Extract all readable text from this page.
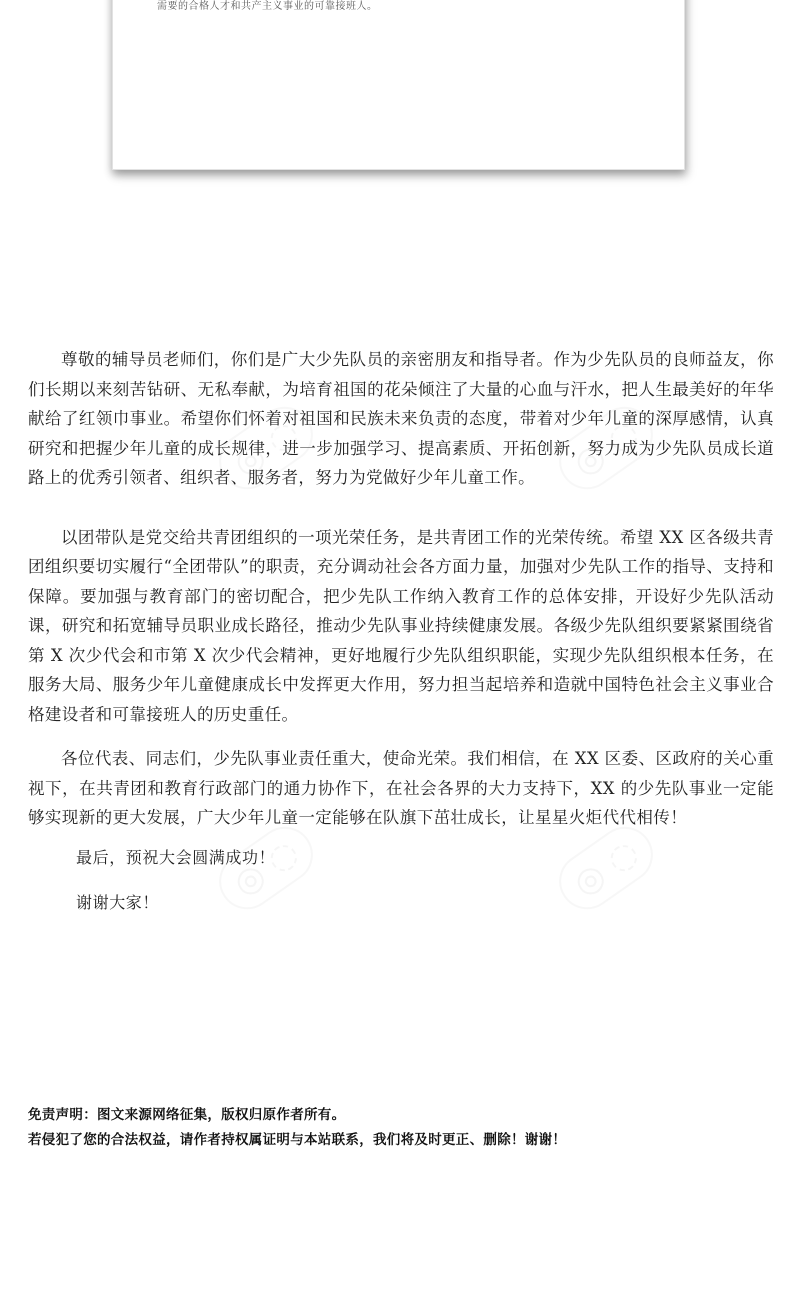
需要的合格人才和共产主义事业的可靠接班人。
◎ ◌	◎ ◌
◎ ◌	◎ ◌

尊敬的辅导员老师们，你们是广大少先队员的亲密朋友和指导者。作为少先队员的良师益友，你们长期以来刻苦钻研、无私奉献，为培育祖国的花朵倾注了大量的心血与汗水，把人生最美好的年华献给了红领巾事业。希望你们怀着对祖国和民族未来负责的态度，带着对少年儿童的深厚感情，认真研究和把握少年儿童的成长规律，进一步加强学习、提高素质、开拓创新，努力成为少先队员成长道路上的优秀引领者、组织者、服务者，努力为党做好少年儿童工作。

以团带队是党交给共青团组织的一项光荣任务，是共青团工作的光荣传统。希望 XX 区各级共青团组织要切实履行“全团带队”的职责，充分调动社会各方面力量，加强对少先队工作的指导、支持和保障。要加强与教育部门的密切配合，把少先队工作纳入教育工作的总体安排，开设好少先队活动课，研究和拓宽辅导员职业成长路径，推动少先队事业持续健康发展。各级少先队组织要紧紧围绕省第 X 次少代会和市第 X 次少代会精神，更好地履行少先队组织职能，实现少先队组织根本任务，在服务大局、服务少年儿童健康成长中发挥更大作用，努力担当起培养和造就中国特色社会主义事业合格建设者和可靠接班人的历史重任。

各位代表、同志们，少先队事业责任重大，使命光荣。我们相信，在 XX 区委、区政府的关心重视下，在共青团和教育行政部门的通力协作下，在社会各界的大力支持下，XX 的少先队事业一定能够实现新的更大发展，广大少年儿童一定能够在队旗下茁壮成长，让星星火炬代代相传！

最后，预祝大会圆满成功！

谢谢大家！

免责声明：图文来源网络征集，版权归原作者所有。
若侵犯了您的合法权益，请作者持权属证明与本站联系，我们将及时更正、删除！谢谢！
